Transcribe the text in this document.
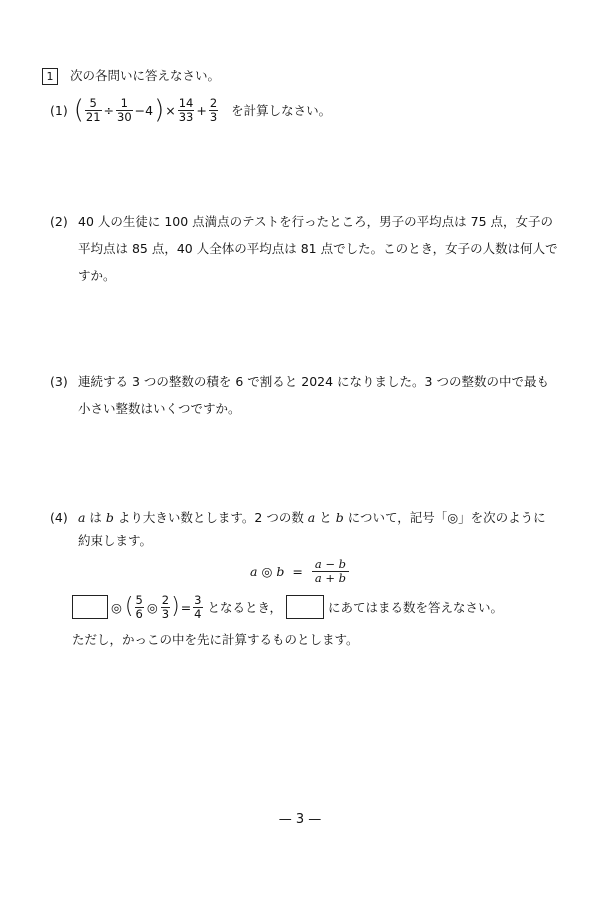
1	次の各問いに答えなさい。
(1) ( $\frac{5}{21} \div \frac{1}{30} -4$ ) × $\frac{14}{33} + \frac{2}{3}$ を計算しなさい。
(2) 40 人の生徒に 100 点満点のテストを行ったところ，男子の平均点は 75 点，女子の
平均点は 85 点，40 人全体の平均点は 81 点でした。このとき，女子の人数は何人で
すか。
(3) 連続する 3 つの整数の積を 6 で割ると 2024 になりました。3 つの整数の中で最も
小さい整数はいくつですか。
(4) a は b より大きい数とします。2 つの数 a と b について，記号「◎」を次のように
約束します。
a ◎ $b = \frac{a - b}{a + b}$
◎ ( $\frac{5}{6}$ ◎ $\frac{2}{3}$ ) = $\frac{3}{4}$ となるとき，	にあてはまる数を答えなさい。
ただし，かっこの中を先に計算するものとします。
— 3 —
